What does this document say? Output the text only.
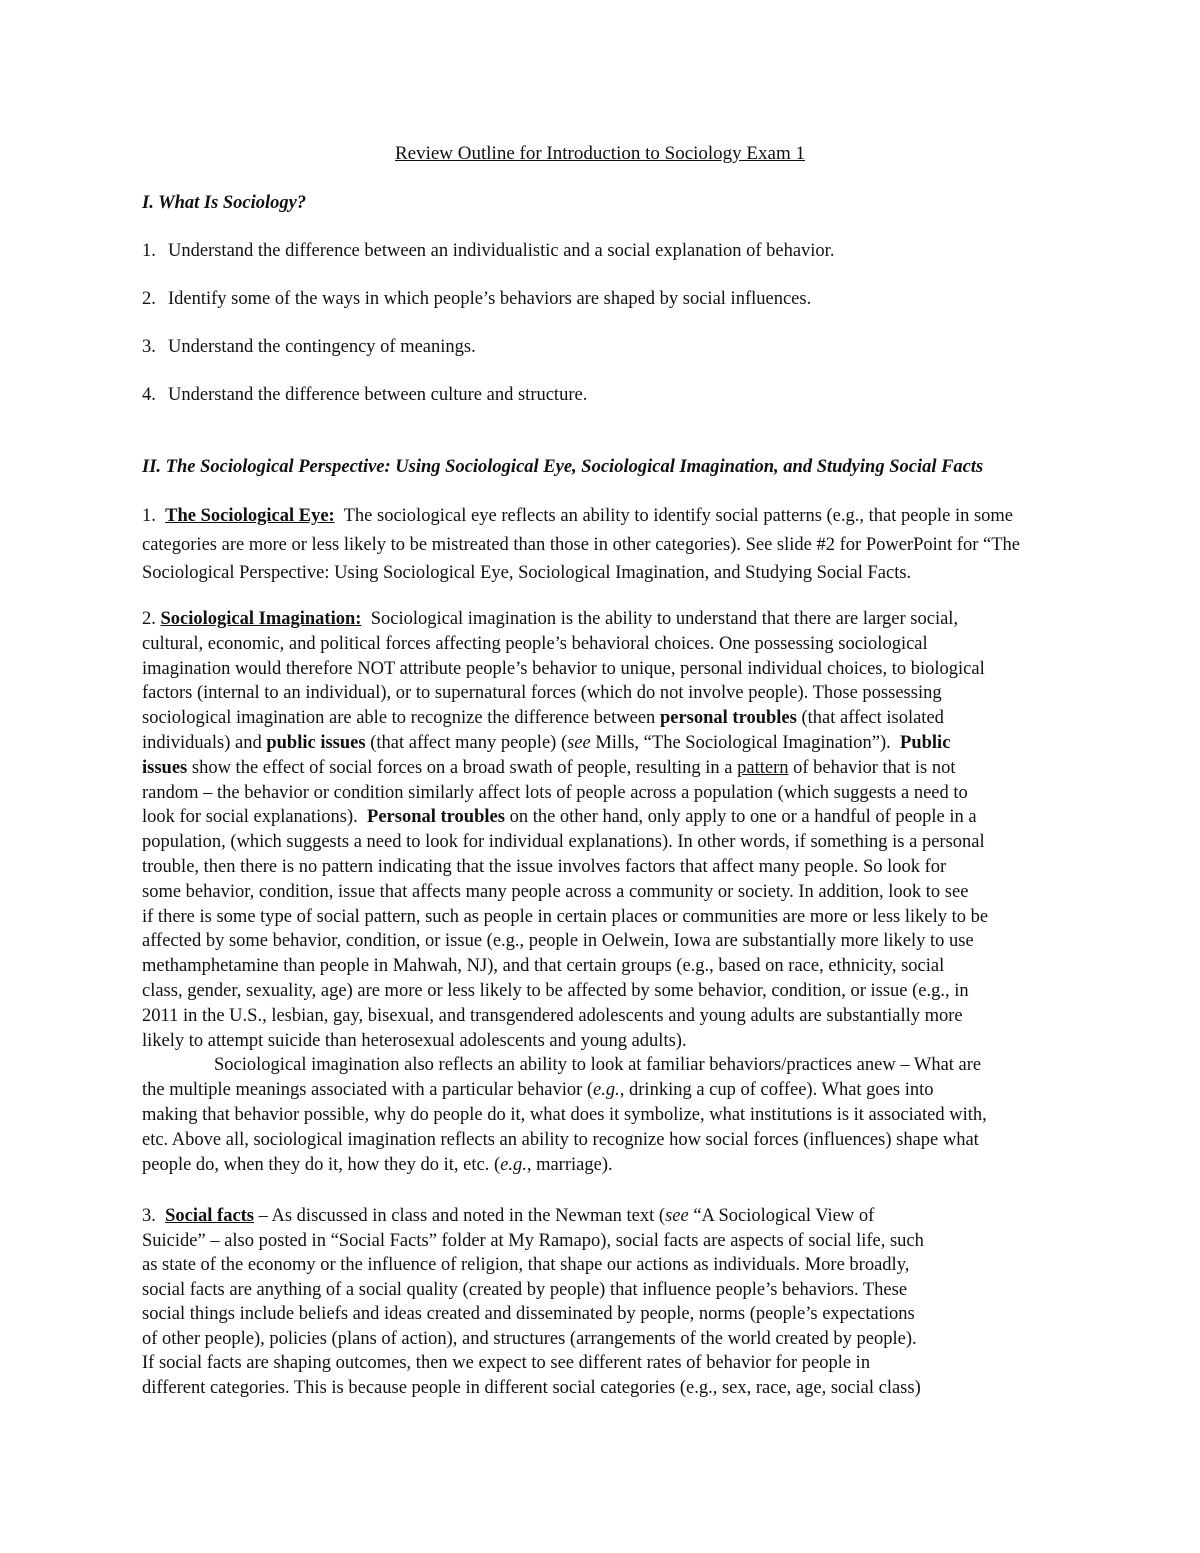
Review Outline for Introduction to Sociology Exam 1
I. What Is Sociology?
1. Understand the difference between an individualistic and a social explanation of behavior.
2. Identify some of the ways in which people’s behaviors are shaped by social influences.
3. Understand the contingency of meanings.
4. Understand the difference between culture and structure.
II. The Sociological Perspective: Using Sociological Eye, Sociological Imagination, and Studying Social Facts
1. The Sociological Eye: The sociological eye reflects an ability to identify social patterns (e.g., that people in some
categories are more or less likely to be mistreated than those in other categories). See slide #2 for PowerPoint for “The
Sociological Perspective: Using Sociological Eye, Sociological Imagination, and Studying Social Facts.
2. Sociological Imagination: Sociological imagination is the ability to understand that there are larger social,
cultural, economic, and political forces affecting people’s behavioral choices. One possessing sociological
imagination would therefore NOT attribute people’s behavior to unique, personal individual choices, to biological
factors (internal to an individual), or to supernatural forces (which do not involve people). Those possessing
sociological imagination are able to recognize the difference between personal troubles (that affect isolated
individuals) and public issues (that affect many people) (see Mills, “The Sociological Imagination”). Public
issues show the effect of social forces on a broad swath of people, resulting in a pattern of behavior that is not
random – the behavior or condition similarly affect lots of people across a population (which suggests a need to
look for social explanations). Personal troubles on the other hand, only apply to one or a handful of people in a
population, (which suggests a need to look for individual explanations). In other words, if something is a personal
trouble, then there is no pattern indicating that the issue involves factors that affect many people. So look for
some behavior, condition, issue that affects many people across a community or society. In addition, look to see
if there is some type of social pattern, such as people in certain places or communities are more or less likely to be
affected by some behavior, condition, or issue (e.g., people in Oelwein, Iowa are substantially more likely to use
methamphetamine than people in Mahwah, NJ), and that certain groups (e.g., based on race, ethnicity, social
class, gender, sexuality, age) are more or less likely to be affected by some behavior, condition, or issue (e.g., in
2011 in the U.S., lesbian, gay, bisexual, and transgendered adolescents and young adults are substantially more
likely to attempt suicide than heterosexual adolescents and young adults).
Sociological imagination also reflects an ability to look at familiar behaviors/practices anew – What are
the multiple meanings associated with a particular behavior (e.g., drinking a cup of coffee). What goes into
making that behavior possible, why do people do it, what does it symbolize, what institutions is it associated with,
etc. Above all, sociological imagination reflects an ability to recognize how social forces (influences) shape what
people do, when they do it, how they do it, etc. (e.g., marriage).
3. Social facts – As discussed in class and noted in the Newman text (see “A Sociological View of
Suicide” – also posted in “Social Facts” folder at My Ramapo), social facts are aspects of social life, such
as state of the economy or the influence of religion, that shape our actions as individuals. More broadly,
social facts are anything of a social quality (created by people) that influence people’s behaviors. These
social things include beliefs and ideas created and disseminated by people, norms (people’s expectations
of other people), policies (plans of action), and structures (arrangements of the world created by people).
If social facts are shaping outcomes, then we expect to see different rates of behavior for people in
different categories. This is because people in different social categories (e.g., sex, race, age, social class)
